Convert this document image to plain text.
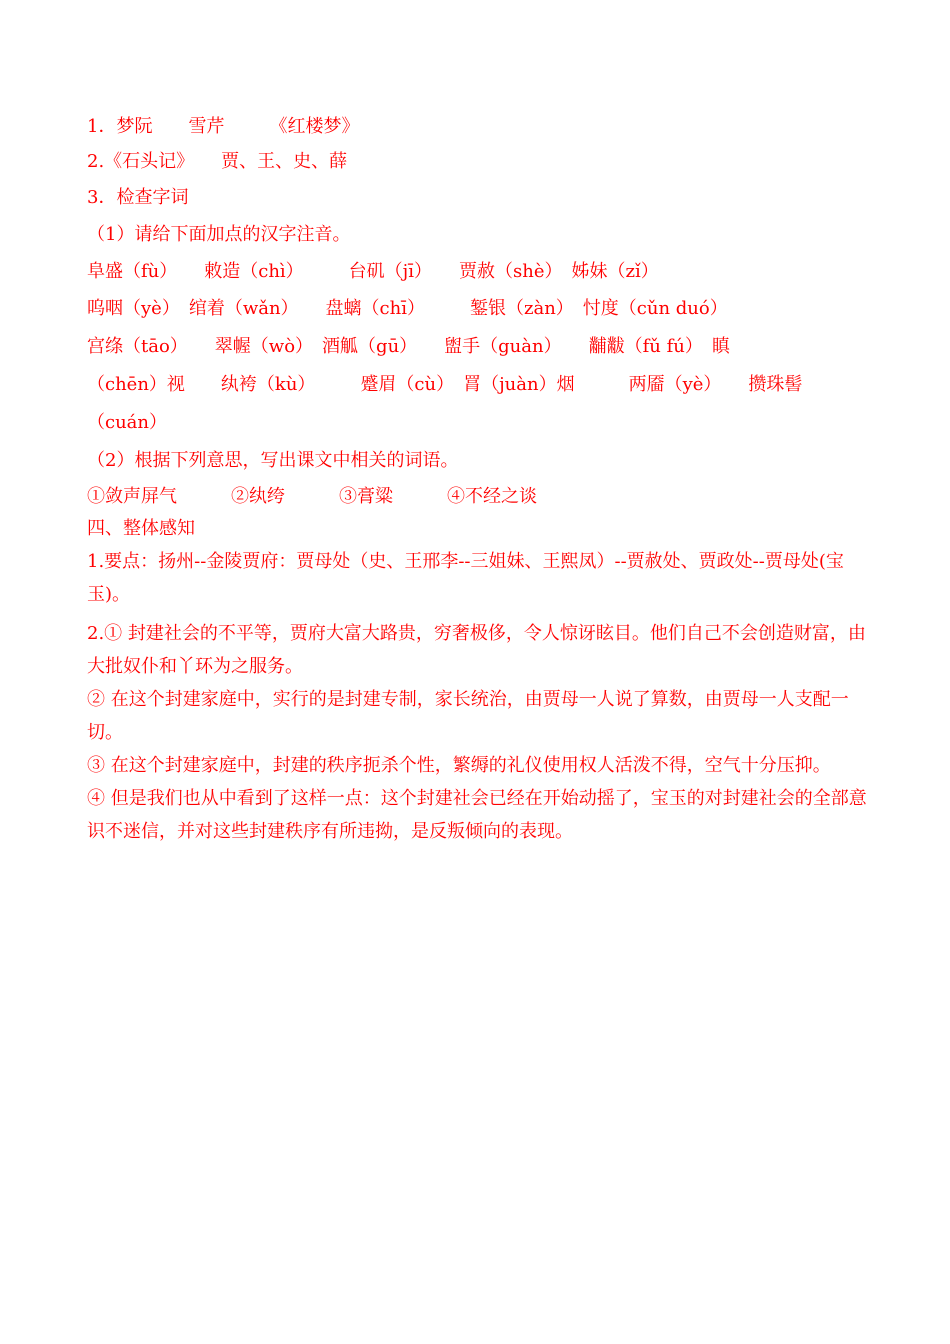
1．梦阮　　雪芹　　　《红楼梦》

2.《石头记》　　贾、王、史、薛

3．检查字词

（1）请给下面加点的汉字注音。

阜盛（fù）　　敕造（chì）　　　台矶（jī）　　贾赦（shè）　姊妹（zǐ）

呜咽（yè）　绾着（wǎn）　　盘螭（chī）　　　錾银（zàn）　忖度（cǔn duó）

宫绦（tāo）　　翠幄（wò）　酒觚（gū）　　盥手（guàn）　　黼黻（fǔ fú）　瞋

（chēn）视　　纨袴（kù）　　　蹙眉（cù）　罥（juàn）烟　　　两靥（yè）　　攒珠髻

（cuán）

（2）根据下列意思，写出课文中相关的词语。

①敛声屏气　　　②纨绔　　　③膏粱　　　④不经之谈

四、整体感知

1.要点：扬州--金陵贾府：贾母处（史、王邢李--三姐妹、王熙凤）--贾赦处、贾政处--贾母处(宝玉)。

2.① 封建社会的不平等，贾府大富大路贵，穷奢极侈，令人惊讶眩目。他们自己不会创造财富，由大批奴仆和丫环为之服务。

② 在这个封建家庭中，实行的是封建专制，家长统治，由贾母一人说了算数，由贾母一人支配一切。

③ 在这个封建家庭中，封建的秩序扼杀个性，繁缛的礼仪使用权人活泼不得，空气十分压抑。

④ 但是我们也从中看到了这样一点：这个封建社会已经在开始动摇了，宝玉的对封建社会的全部意识不迷信，并对这些封建秩序有所违拗，是反叛倾向的表现。
